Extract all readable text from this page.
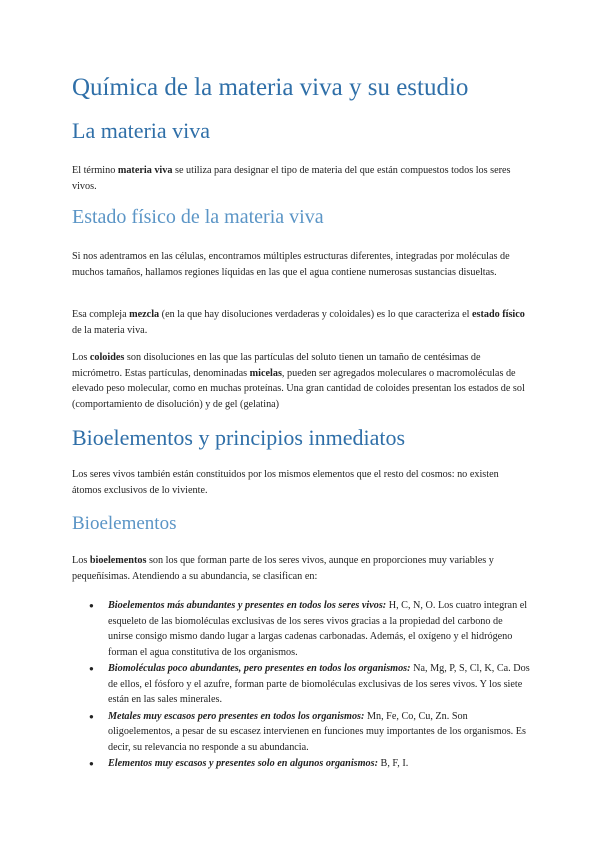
Química de la materia viva y su estudio
La materia viva

El término materia viva se utiliza para designar el tipo de materia del que están compuestos todos los seres vivos.

Estado físico de la materia viva

Si nos adentramos en las células, encontramos múltiples estructuras diferentes, integradas por moléculas de muchos tamaños, hallamos regiones líquidas en las que el agua contiene numerosas sustancias disueltas.

Esa compleja mezcla (en la que hay disoluciones verdaderas y coloidales) es lo que caracteriza el estado físico de la materia viva.

Los coloides son disoluciones en las que las partículas del soluto tienen un tamaño de centésimas de micrómetro. Estas partículas, denominadas micelas, pueden ser agregados moleculares o macromoléculas de elevado peso molecular, como en muchas proteínas. Una gran cantidad de coloides presentan los estados de sol (comportamiento de disolución) y de gel (gelatina)

Bioelementos y principios inmediatos

Los seres vivos también están constituidos por los mismos elementos que el resto del cosmos: no existen átomos exclusivos de lo viviente.

Bioelementos

Los bioelementos son los que forman parte de los seres vivos, aunque en proporciones muy variables y pequeñísimas. Atendiendo a su abundancia, se clasifican en:

● Bioelementos más abundantes y presentes en todos los seres vivos: H, C, N, O. Los cuatro integran el esqueleto de las biomoléculas exclusivas de los seres vivos gracias a la propiedad del carbono de unirse consigo mismo dando lugar a largas cadenas carbonadas. Además, el oxígeno y el hidrógeno forman el agua constitutiva de los organismos.
● Biomoléculas poco abundantes, pero presentes en todos los organismos: Na, Mg, P, S, Cl, K, Ca. Dos de ellos, el fósforo y el azufre, forman parte de biomoléculas exclusivas de los seres vivos. Y los siete están en las sales minerales.
● Metales muy escasos pero presentes en todos los organismos: Mn, Fe, Co, Cu, Zn. Son oligoelementos, a pesar de su escasez intervienen en funciones muy importantes de los organismos. Es decir, su relevancia no responde a su abundancia.
● Elementos muy escasos y presentes solo en algunos organismos: B, F, I.
